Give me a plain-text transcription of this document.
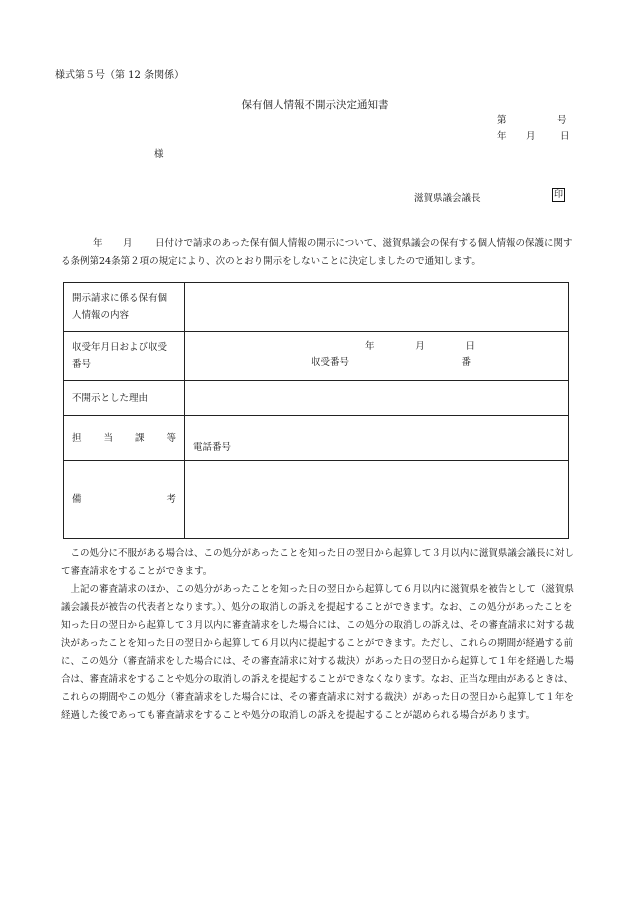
様式第５号（第 12 条関係）
保有個人情報不開示決定通知書
第	号
年 月	日
様
滋賀県議会議長	印
年 月 日付けで請求のあった保有個人情報の開示について、滋賀県議会の保有する個人情報の保護に関する条例第24条第２項の規定により、次のとおり開示をしないことに決定しましたので通知します。
開示請求に係る保有個人情報の内容	
収受年月日および収受番号	年 月 日
収受番号 番

不開示とした理由	

担 当 課 等	電話番号

備 考	

この処分に不服がある場合は、この処分があったことを知った日の翌日から起算して３月以内に滋賀県議会議長に対して審査請求をすることができます。

上記の審査請求のほか、この処分があったことを知った日の翌日から起算して６月以内に滋賀県を被告として（滋賀県議会議長が被告の代表者となります。）、処分の取消しの訴えを提起することができます。なお、この処分があったことを知った日の翌日から起算して３月以内に審査請求をした場合には、この処分の取消しの訴えは、その審査請求に対する裁決があったことを知った日の翌日から起算して６月以内に提起することができます。ただし、これらの期間が経過する前に、この処分（審査請求をした場合には、その審査請求に対する裁決）があった日の翌日から起算して１年を経過した場合は、審査請求をすることや処分の取消しの訴えを提起することができなくなります。なお、正当な理由があるときは、これらの期間やこの処分（審査請求をした場合には、その審査請求に対する裁決）があった日の翌日から起算して１年を経過した後であっても審査請求をすることや処分の取消しの訴えを提起することが認められる場合があります。
